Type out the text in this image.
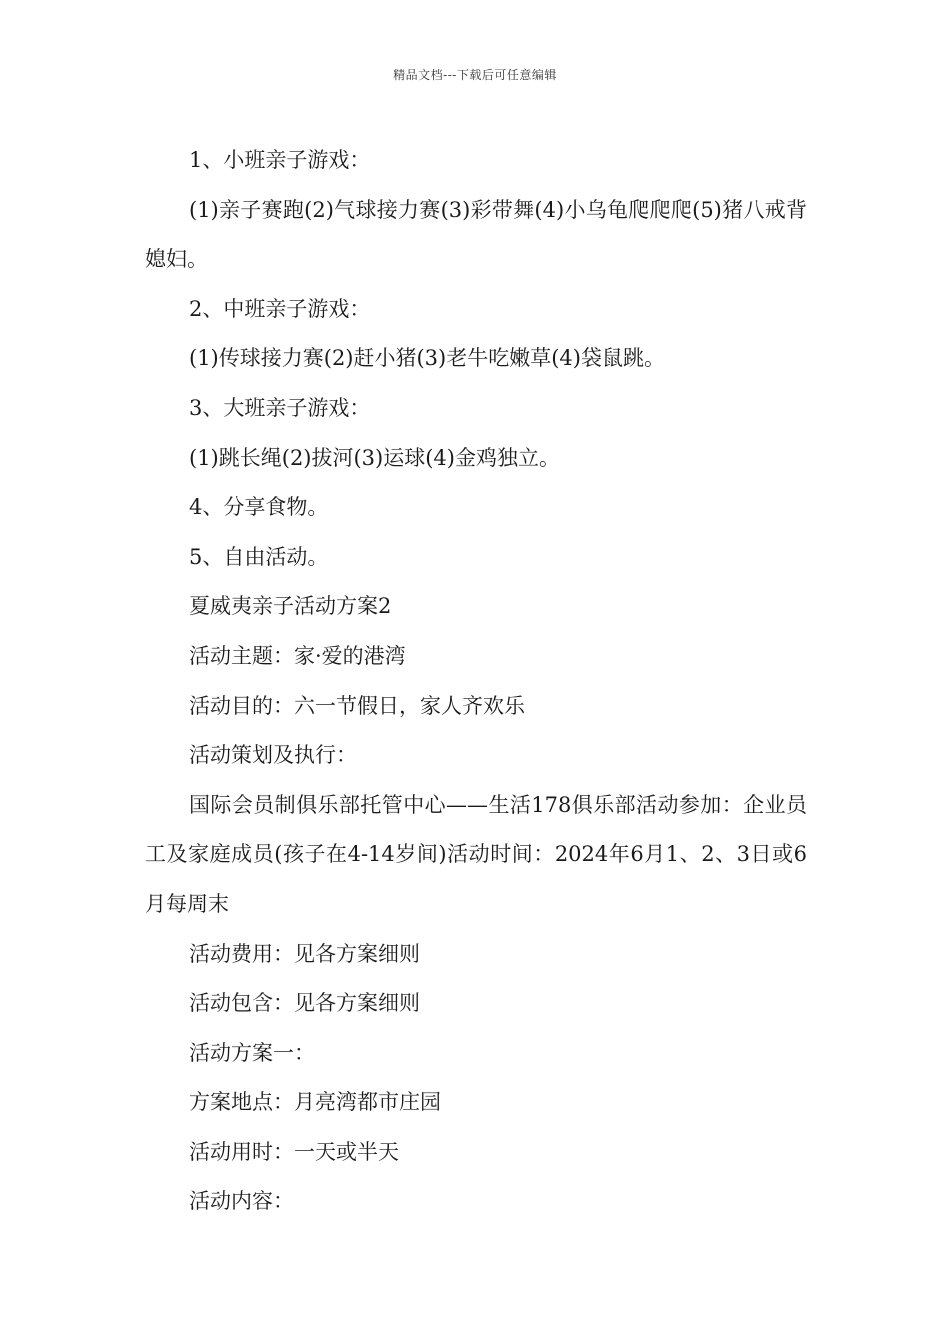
精品文档---下载后可任意编辑

1、小班亲子游戏：

(1)亲子赛跑(2)气球接力赛(3)彩带舞(4)小乌龟爬爬爬(5)猪八戒背媳妇。

2、中班亲子游戏：

(1)传球接力赛(2)赶小猪(3)老牛吃嫩草(4)袋鼠跳。

3、大班亲子游戏：

(1)跳长绳(2)拔河(3)运球(4)金鸡独立。

4、分享食物。

5、自由活动。

夏威夷亲子活动方案2

活动主题：家·爱的港湾

活动目的：六一节假日，家人齐欢乐

活动策划及执行：

国际会员制俱乐部托管中心——生活178俱乐部活动参加：企业员工及家庭成员(孩子在4-14岁间)活动时间：2024年6月1、2、3日或6月每周末

活动费用：见各方案细则

活动包含：见各方案细则

活动方案一：

方案地点：月亮湾都市庄园

活动用时：一天或半天

活动内容：
